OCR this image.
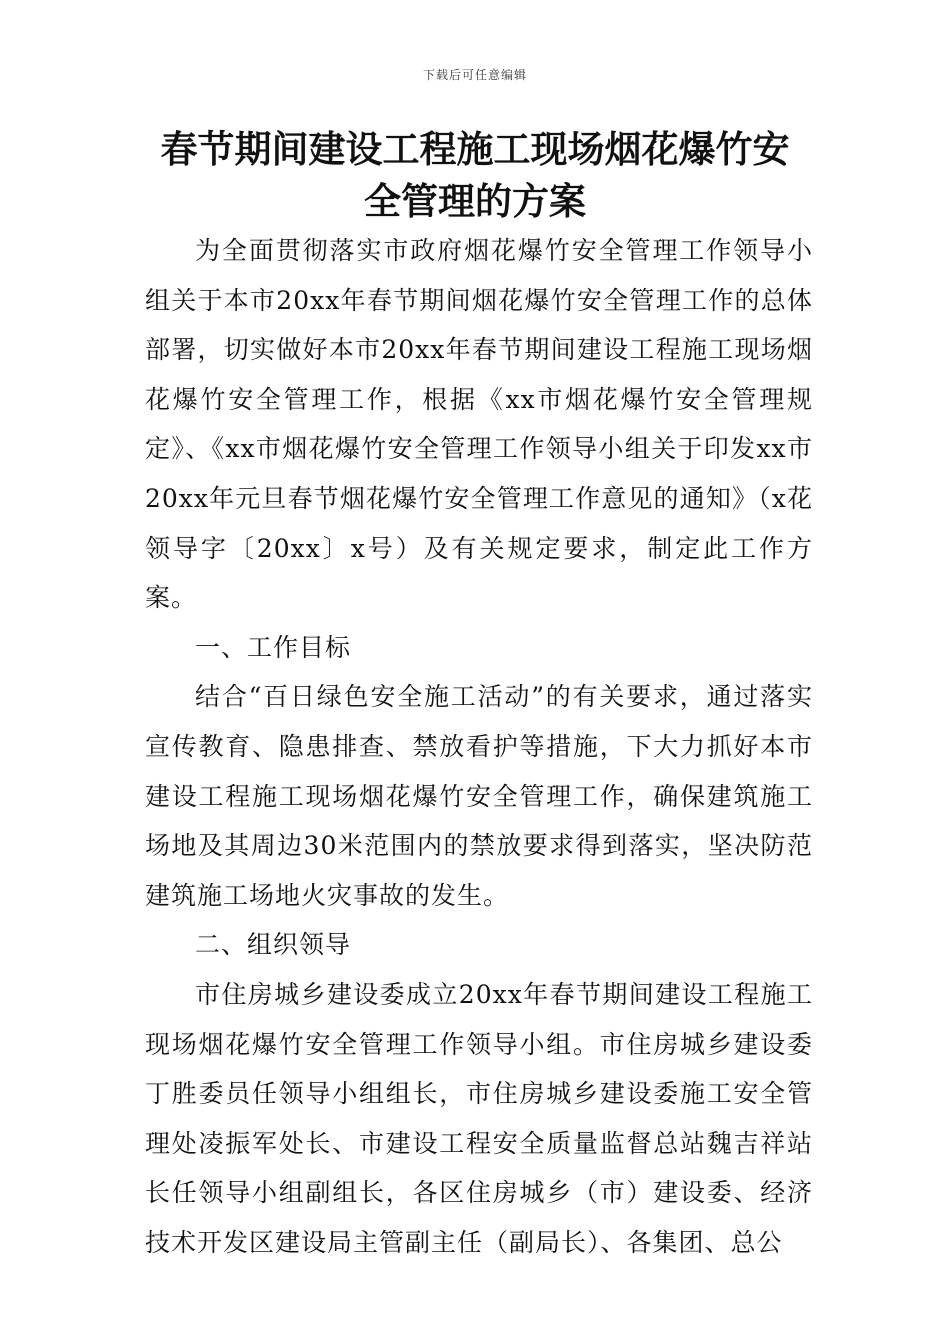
下载后可任意编辑
春节期间建设工程施工现场烟花爆竹安全管理的方案

为全面贯彻落实市政府烟花爆竹安全管理工作领导小组关于本市20xx年春节期间烟花爆竹安全管理工作的总体部署，切实做好本市20xx年春节期间建设工程施工现场烟花爆竹安全管理工作，根据《xx市烟花爆竹安全管理规定》、《xx市烟花爆竹安全管理工作领导小组关于印发xx市20xx年元旦春节烟花爆竹安全管理工作意见的通知》（x花领导字〔20xx〕x号）及有关规定要求，制定此工作方案。

一、工作目标

结合“百日绿色安全施工活动”的有关要求，通过落实宣传教育、隐患排查、禁放看护等措施，下大力抓好本市建设工程施工现场烟花爆竹安全管理工作，确保建筑施工场地及其周边30米范围内的禁放要求得到落实，坚决防范建筑施工场地火灾事故的发生。

二、组织领导

市住房城乡建设委成立20xx年春节期间建设工程施工现场烟花爆竹安全管理工作领导小组。市住房城乡建设委丁胜委员任领导小组组长，市住房城乡建设委施工安全管理处凌振军处长、市建设工程安全质量监督总站魏吉祥站长任领导小组副组长，各区住房城乡（市）建设委、经济技术开发区建设局主管副主任（副局长）、各集团、总公
